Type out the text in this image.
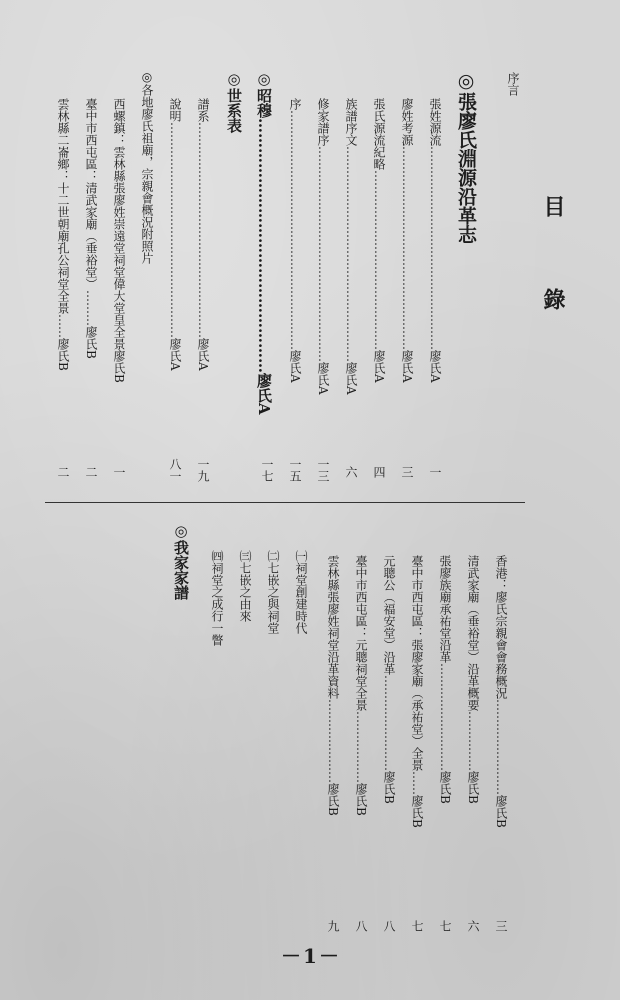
目
錄
序言
◎張廖氏淵源沿革志
張姓源流……………………………………………廖氏A
一
廖姓考源……………………………………………廖氏A
三
張氏源流紀略………………………………………廖氏A
四
族譜序文………………………………………………廖氏A
六
修家譜序………………………………………………廖氏A
一三
序……………………………………………………廖氏A
一五
◎昭穆……………………………………………廖氏A
一七
◎世系表
譜系………………………………………………廖氏A
一九
說明………………………………………………廖氏A
八一
◎各地廖氏祖廟，宗親會概況附照片
西螺鎮：雲林縣張廖姓崇遠堂祠堂偉大堂皇全景廖氏B
一
臺中市西屯區：清武家廟（垂裕堂）………廖氏B
二
雲林縣二崙鄉：十二世朝廟孔公祠堂全景……廖氏B
二
香港：廖氏宗親會會務概況……………………廖氏B
三
清武家廟（垂裕堂）沿革概要……………廖氏B
六
張廖族廟承祐堂沿革………………………廖氏B
七
臺中市西屯區：張廖家廟（承祐堂）全景……廖氏B
七
元聰公（福安堂）沿革……………………廖氏B
八
臺中市西屯區：元聰祠堂全景………………廖氏B
八
雲林縣張廖姓祠堂沿革資料…………………廖氏B
九
㈠祠堂創建時代
㈡七嵌之與祠堂
㈢七嵌之由來
㈣祠堂之成行一瞥
◎我家家譜
－1－
